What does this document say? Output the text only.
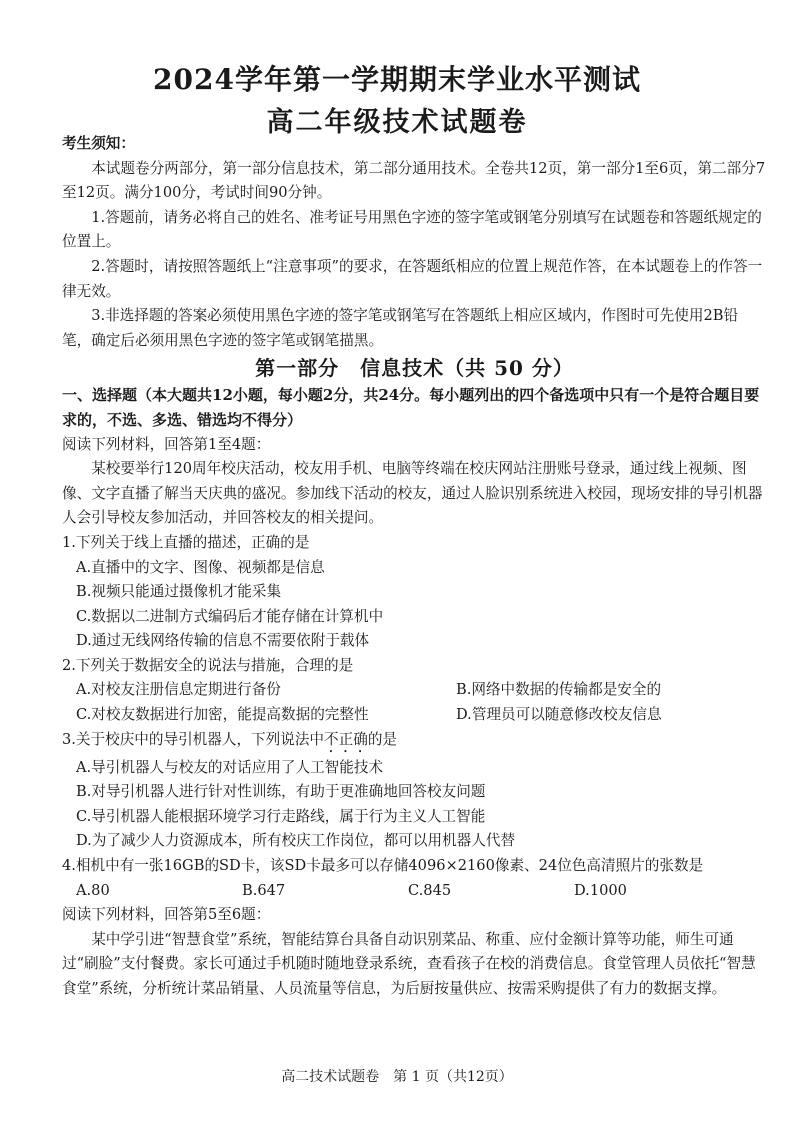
2024学年第一学期期末学业水平测试
高二年级技术试题卷

考生须知：

本试题卷分两部分，第一部分信息技术，第二部分通用技术。全卷共12页，第一部分1至6页，第二部分7至12页。满分100分，考试时间90分钟。

1.答题前，请务必将自己的姓名、准考证号用黑色字迹的签字笔或钢笔分别填写在试题卷和答题纸规定的位置上。

2.答题时，请按照答题纸上“注意事项”的要求，在答题纸相应的位置上规范作答，在本试题卷上的作答一律无效。

3.非选择题的答案必须使用黑色字迹的签字笔或钢笔写在答题纸上相应区域内，作图时可先使用2B铅笔，确定后必须用黑色字迹的签字笔或钢笔描黑。

第一部分　信息技术（共 50 分）

一、选择题（本大题共12小题，每小题2分，共24分。每小题列出的四个备选项中只有一个是符合题目要求的，不选、多选、错选均不得分）

阅读下列材料，回答第1至4题：

某校要举行120周年校庆活动，校友用手机、电脑等终端在校庆网站注册账号登录，通过线上视频、图像、文字直播了解当天庆典的盛况。参加线下活动的校友，通过人脸识别系统进入校园，现场安排的导引机器人会引导校友参加活动，并回答校友的相关提问。

1.下列关于线上直播的描述，正确的是

A.直播中的文字、图像、视频都是信息

B.视频只能通过摄像机才能采集

C.数据以二进制方式编码后才能存储在计算机中

D.通过无线网络传输的信息不需要依附于载体

2.下列关于数据安全的说法与措施，合理的是

A.对校友注册信息定期进行备份	B.网络中数据的传输都是安全的
C.对校友数据进行加密，能提高数据的完整性	D.管理员可以随意修改校友信息

3.关于校庆中的导引机器人，下列说法中不正确的是

A.导引机器人与校友的对话应用了人工智能技术

B.对导引机器人进行针对性训练，有助于更准确地回答校友问题

C.导引机器人能根据环境学习行走路线，属于行为主义人工智能

D.为了减少人力资源成本，所有校庆工作岗位，都可以用机器人代替

4.相机中有一张16GB的SD卡，该SD卡最多可以存储4096×2160像素、24位色高清照片的张数是

A.80	B.647	C.845	D.1000

阅读下列材料，回答第5至6题：

某中学引进“智慧食堂”系统，智能结算台具备自动识别菜品、称重、应付金额计算等功能，师生可通过“刷脸”支付餐费。家长可通过手机随时随地登录系统，查看孩子在校的消费信息。食堂管理人员依托“智慧食堂”系统，分析统计菜品销量、人员流量等信息，为后厨按量供应、按需采购提供了有力的数据支撑。

高二技术试题卷　第 1 页（共12页）
